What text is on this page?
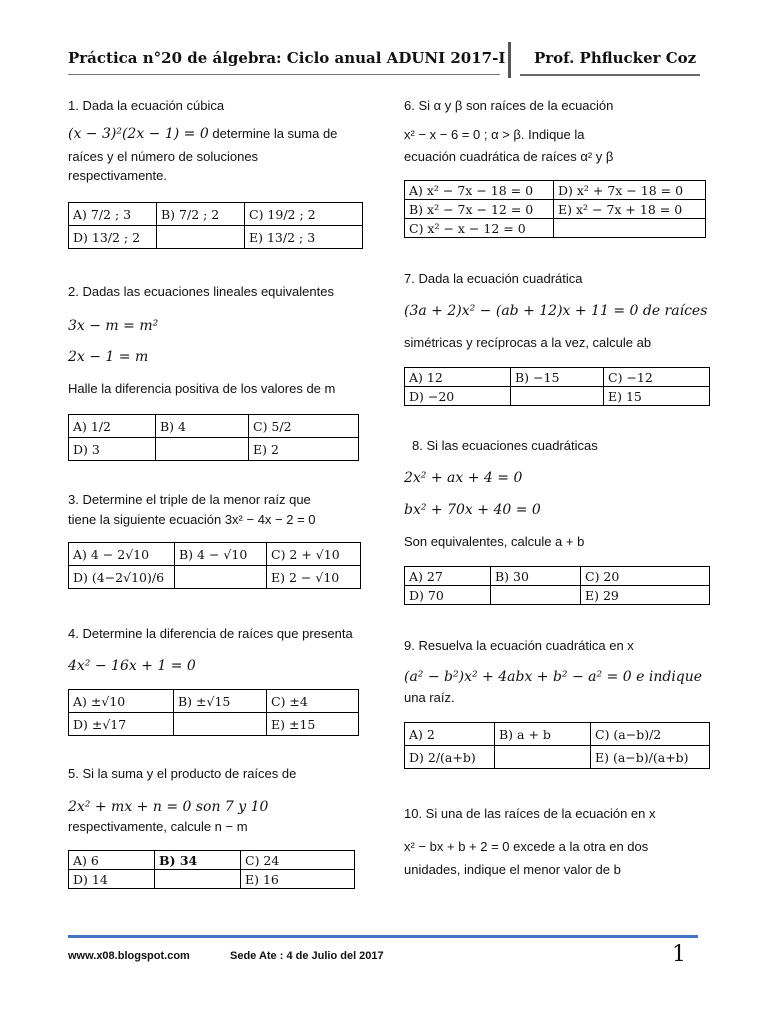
Práctica n°20 de álgebra: Ciclo anual ADUNI 2017-I Prof. Phflucker Coz
1. Dada la ecuación cúbica
(x − 3)²(2x − 1) = 0 determine la suma de
raíces y el número de soluciones
respectivamente.
A) 7/2 ; 3	B) 7/2 ; 2	C) 19/2 ; 2
D) 13/2 ; 2		E) 13/2 ; 3
2. Dadas las ecuaciones lineales equivalentes
3x − m = m²
2x − 1 = m
Halle la diferencia positiva de los valores de m
A) 1/2	B) 4	C) 5/2
D) 3		E) 2
3. Determine el triple de la menor raíz que
tiene la siguiente ecuación 3x² − 4x − 2 = 0
A) 4 − 2√10	B) 4 − √10	C) 2 + √10
D) (4−2√10)/6		E) 2 − √10
4. Determine la diferencia de raíces que presenta
4x² − 16x + 1 = 0
A) ±√10	B) ±√15	C) ±4
D) ±√17		E) ±15
5. Si la suma y el producto de raíces de
2x² + mx + n = 0 son 7 y 10
respectivamente, calcule n − m
A) 6	B) 34	C) 24
D) 14		E) 16
6. Si α y β son raíces de la ecuación
x² − x − 6 = 0 ; α > β. Indique la
ecuación cuadrática de raíces α² y β
A) x² − 7x − 18 = 0	D) x² + 7x − 18 = 0
B) x² − 7x − 12 = 0	E) x² − 7x + 18 = 0
C) x² − x − 12 = 0	
7. Dada la ecuación cuadrática
(3a + 2)x² − (ab + 12)x + 11 = 0 de raíces
simétricas y recíprocas a la vez, calcule ab
A) 12	B) −15	C) −12
D) −20		E) 15
8. Si las ecuaciones cuadráticas
2x² + ax + 4 = 0
bx² + 70x + 40 = 0
Son equivalentes, calcule a + b
A) 27	B) 30	C) 20
D) 70		E) 29
9. Resuelva la ecuación cuadrática en x
(a² − b²)x² + 4abx + b² − a² = 0 e indique
una raíz.
A) 2	B) a + b	C) (a−b)/2
D) 2/(a+b)		E) (a−b)/(a+b)
10. Si una de las raíces de la ecuación en x
x² − bx + b + 2 = 0 excede a la otra en dos
unidades, indique el menor valor de b
www.x08.blogspot.com	Sede Ate : 4 de Julio del 2017	1
